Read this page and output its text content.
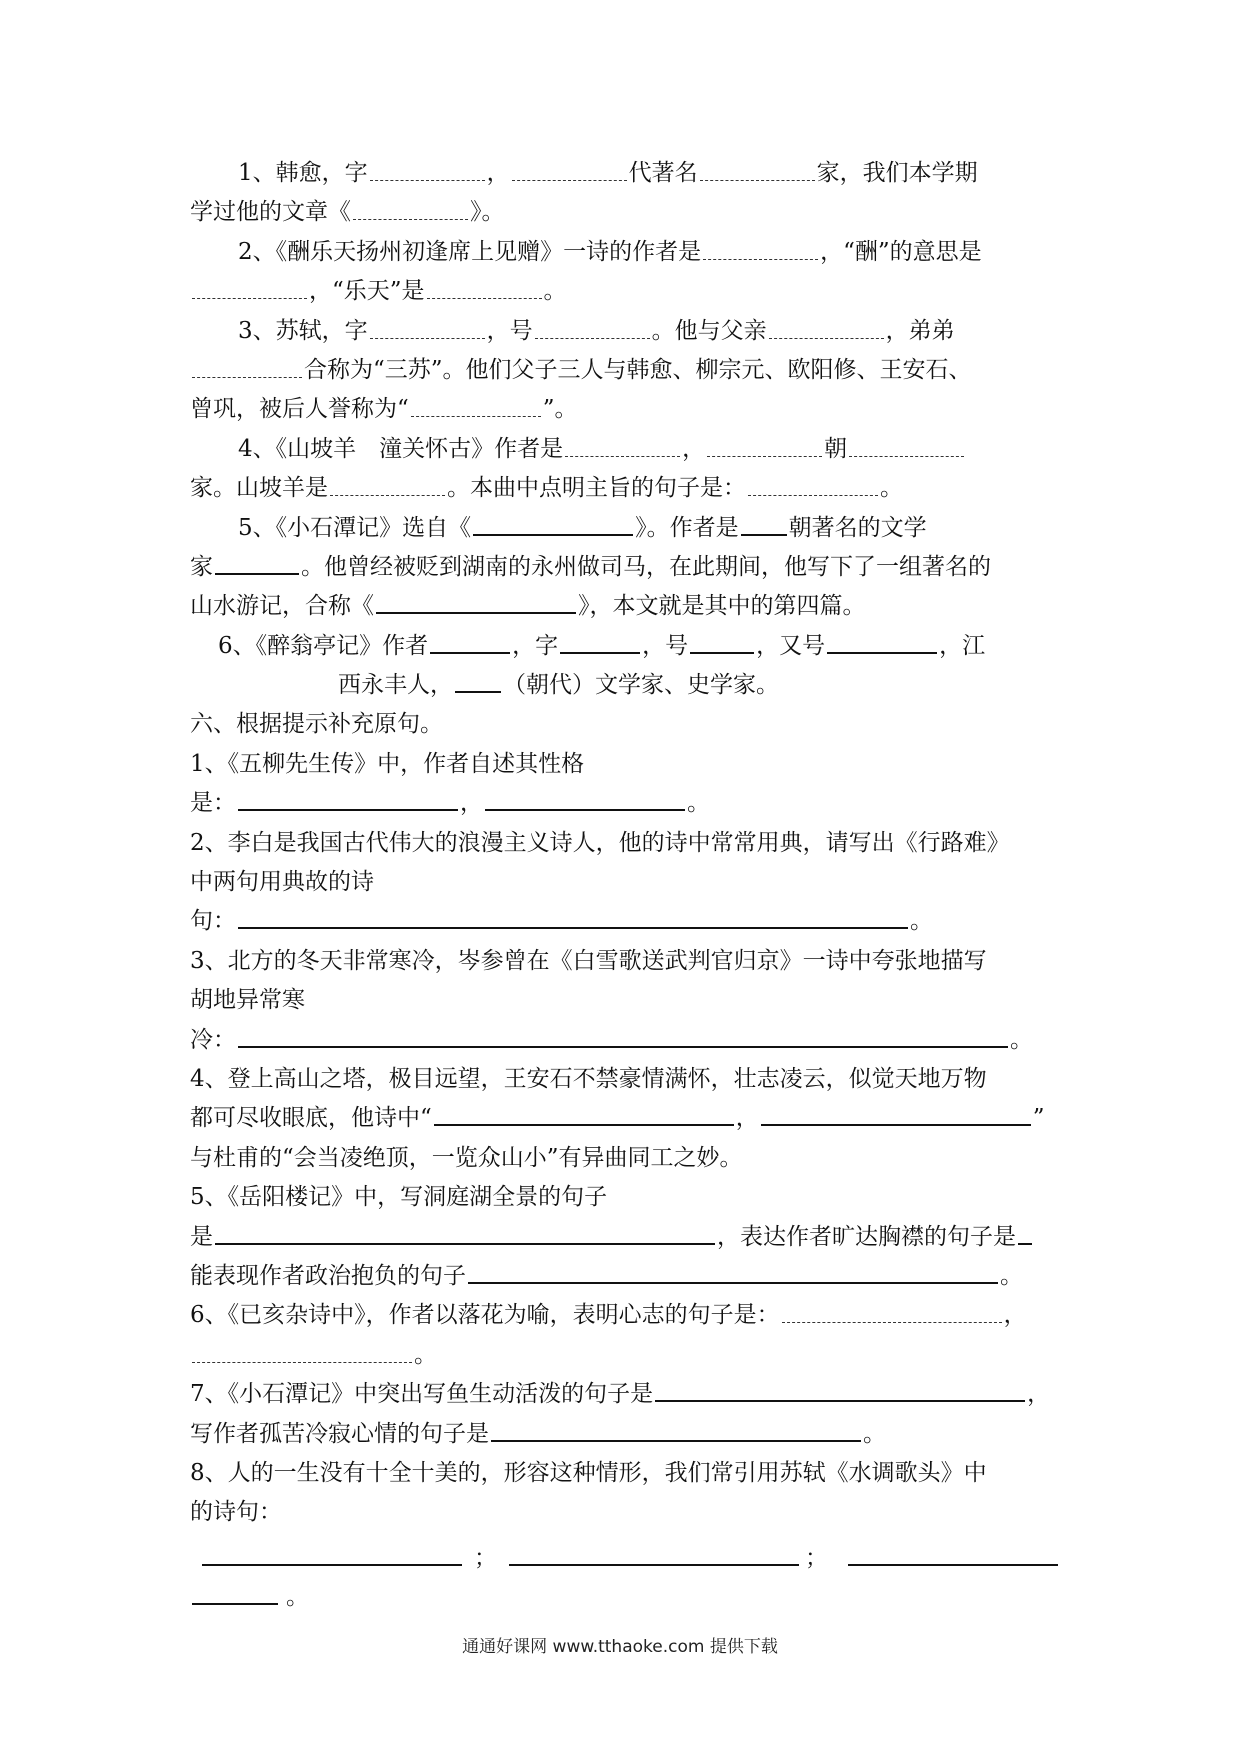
1、韩愈，字	，	代著名	家，我们本学期
学过他的文章《	》。
2、《酬乐天扬州初逢席上见赠》一诗的作者是	，“酬”的意思是
，“乐天”是	。
3、苏轼，字	，号	。他与父亲	，弟弟
合称为“三苏”。他们父子三人与韩愈、柳宗元、欧阳修、王安石、
曾巩，被后人誉称为“	”。
4、《山坡羊　潼关怀古》作者是	，	朝
家。山坡羊是	。本曲中点明主旨的句子是：	。
5、《小石潭记》选自《	》。作者是 朝著名的文学
家	。他曾经被贬到湖南的永州做司马，在此期间，他写下了一组著名的
山水游记，合称《	》，本文就是其中的第四篇。
6、《醉翁亭记》作者	，字	，号	，又号	，江
西永丰人， （朝代）文学家、史学家。
六、根据提示补充原句。
1、《五柳先生传》中，作者自述其性格
是：	，	。
2、李白是我国古代伟大的浪漫主义诗人，他的诗中常常用典，请写出《行路难》
中两句用典故的诗
句：	。
3、北方的冬天非常寒冷，岑参曾在《白雪歌送武判官归京》一诗中夸张地描写
胡地异常寒
冷：	。
4、登上高山之塔，极目远望，王安石不禁豪情满怀，壮志凌云，似觉天地万物
都可尽收眼底，他诗中“	，	”
与杜甫的“会当凌绝顶，一览众山小”有异曲同工之妙。
5、《岳阳楼记》中，写洞庭湖全景的句子
是	，表达作者旷达胸襟的句子是
能表现作者政治抱负的句子	。
6、《已亥杂诗中》，作者以落花为喻，表明心志的句子是：	，
。
7、《小石潭记》中突出写鱼生动活泼的句子是	，
写作者孤苦冷寂心情的句子是	。
8、人的一生没有十全十美的，形容这种情形，我们常引用苏轼《水调歌头》中
的诗句：
；	；
。
通通好课网 www.tthaoke.com 提供下载
